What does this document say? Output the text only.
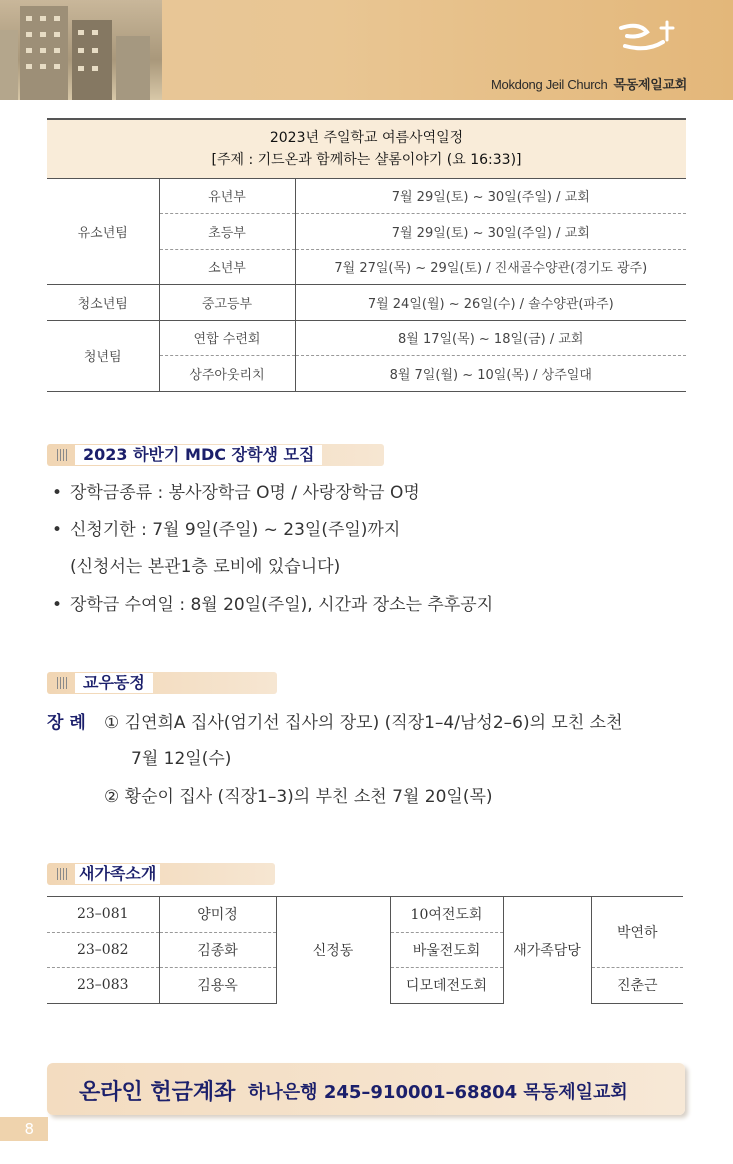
Mokdong Jeil Church 목동제일교회
2023년 주일학교 여름사역일정
[주제 : 기드온과 함께하는 샬롬이야기 (요 16:33)]		

유소년팀	유년부	7월 29일(토) ~ 30일(주일) / 교회
	초등부	7월 29일(토) ~ 30일(주일) / 교회
	소년부	7월 27일(목) ~ 29일(토) / 진새골수양관(경기도 광주)
청소년팀	중고등부	7월 24일(월) ~ 26일(수) / 솔수양관(파주)
청년팀	연합 수련회	8월 17일(목) ~ 18일(금) / 교회
	상주아웃리치	8월 7일(월) ~ 10일(목) / 상주일대
2023 하반기 MDC 장학생 모집
• 장학금종류 : 봉사장학금 O명 / 사랑장학금 O명
• 신청기한 : 7월 9일(주일) ~ 23일(주일)까지
(신청서는 본관1층 로비에 있습니다)
• 장학금 수여일 : 8월 20일(주일), 시간과 장소는 추후공지
교우동정
장례 ① 김연희A 집사(엄기선 집사의 장모) (직장1–4/남성2–6)의 모친 소천
7월 12일(수)
② 황순이 집사 (직장1–3)의 부친 소천 7월 20일(목)
새가족소개
23–081	양미정	신정동	10여전도회	새가족담당	박연하
23–082	김종화		바울전도회		
23–083	김용옥		디모데전도회		진춘근
온라인 헌금계좌 하나은행 245–910001–68804 목동제일교회
8
